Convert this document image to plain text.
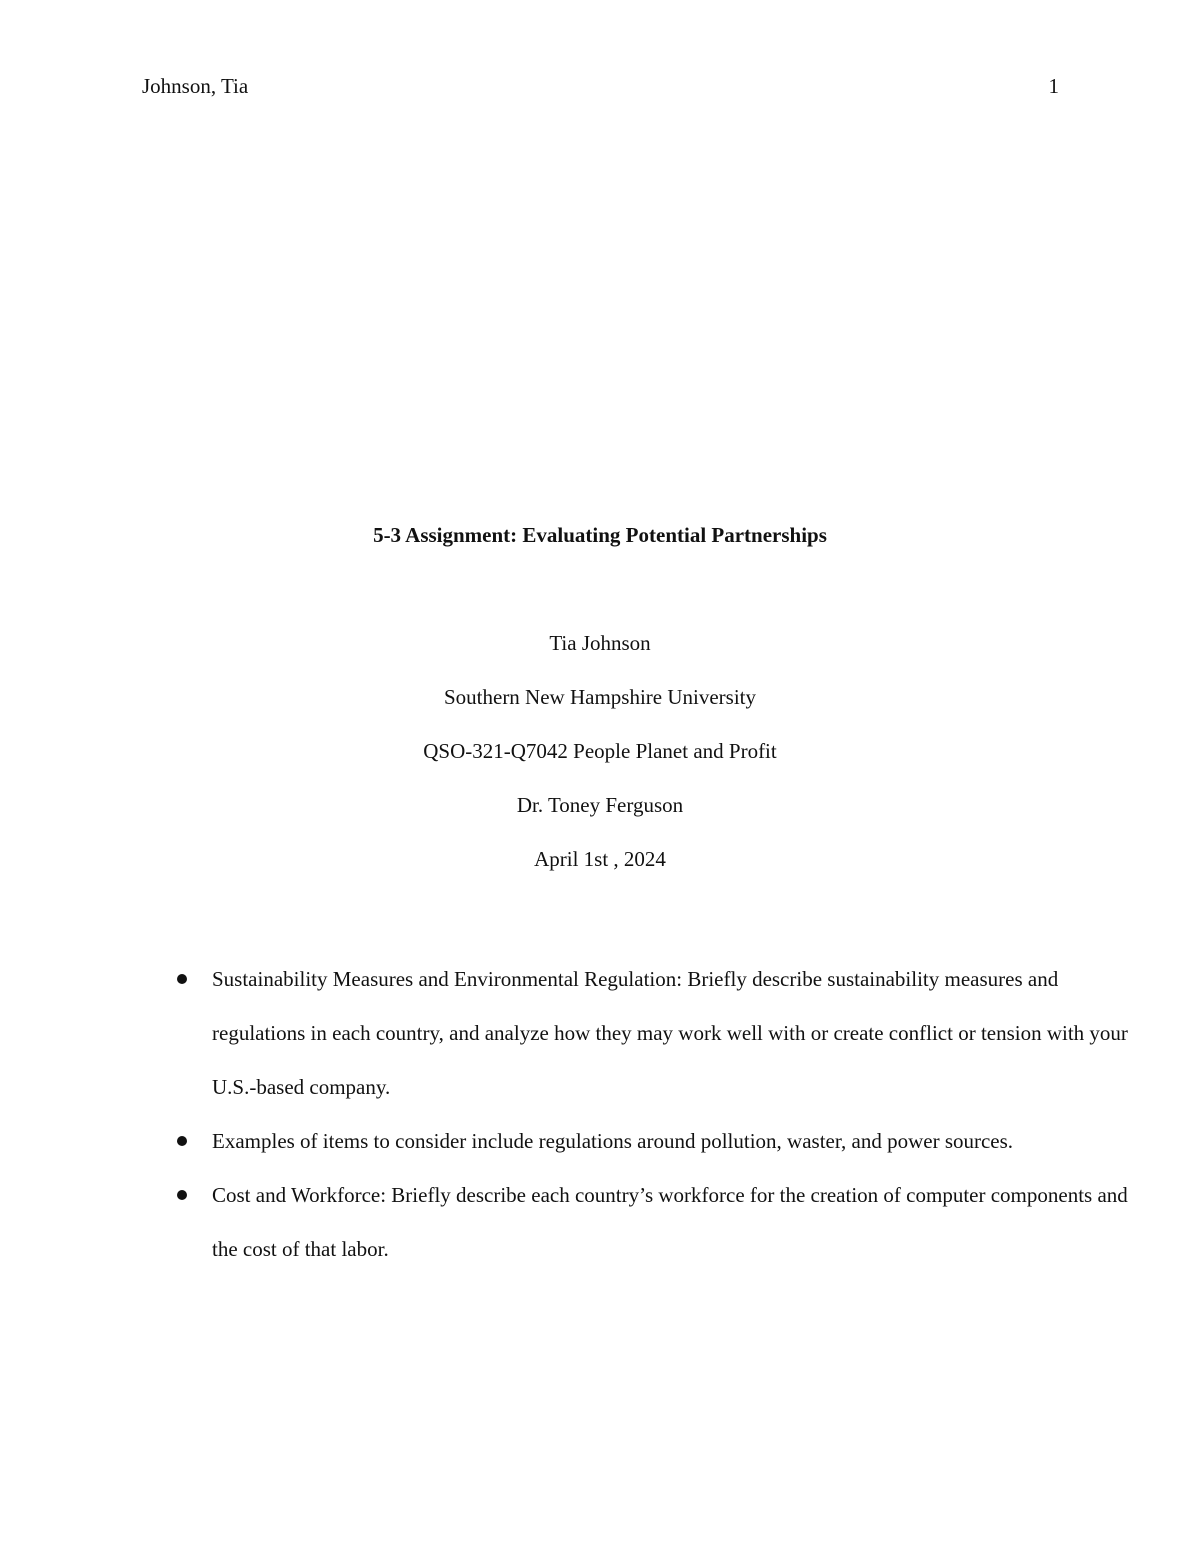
Johnson, Tia	1

5-3 Assignment: Evaluating Potential Partnerships

Tia Johnson
Southern New Hampshire University
QSO-321-Q7042 People Planet and Profit
Dr. Toney Ferguson
April 1st , 2024
Sustainability Measures and Environmental Regulation: Briefly describe sustainability measures and regulations in each country, and analyze how they may work well with or create conflict or tension with your U.S.-based company.
Examples of items to consider include regulations around pollution, waster, and power sources.
Cost and Workforce: Briefly describe each country’s workforce for the creation of computer components and the cost of that labor.
